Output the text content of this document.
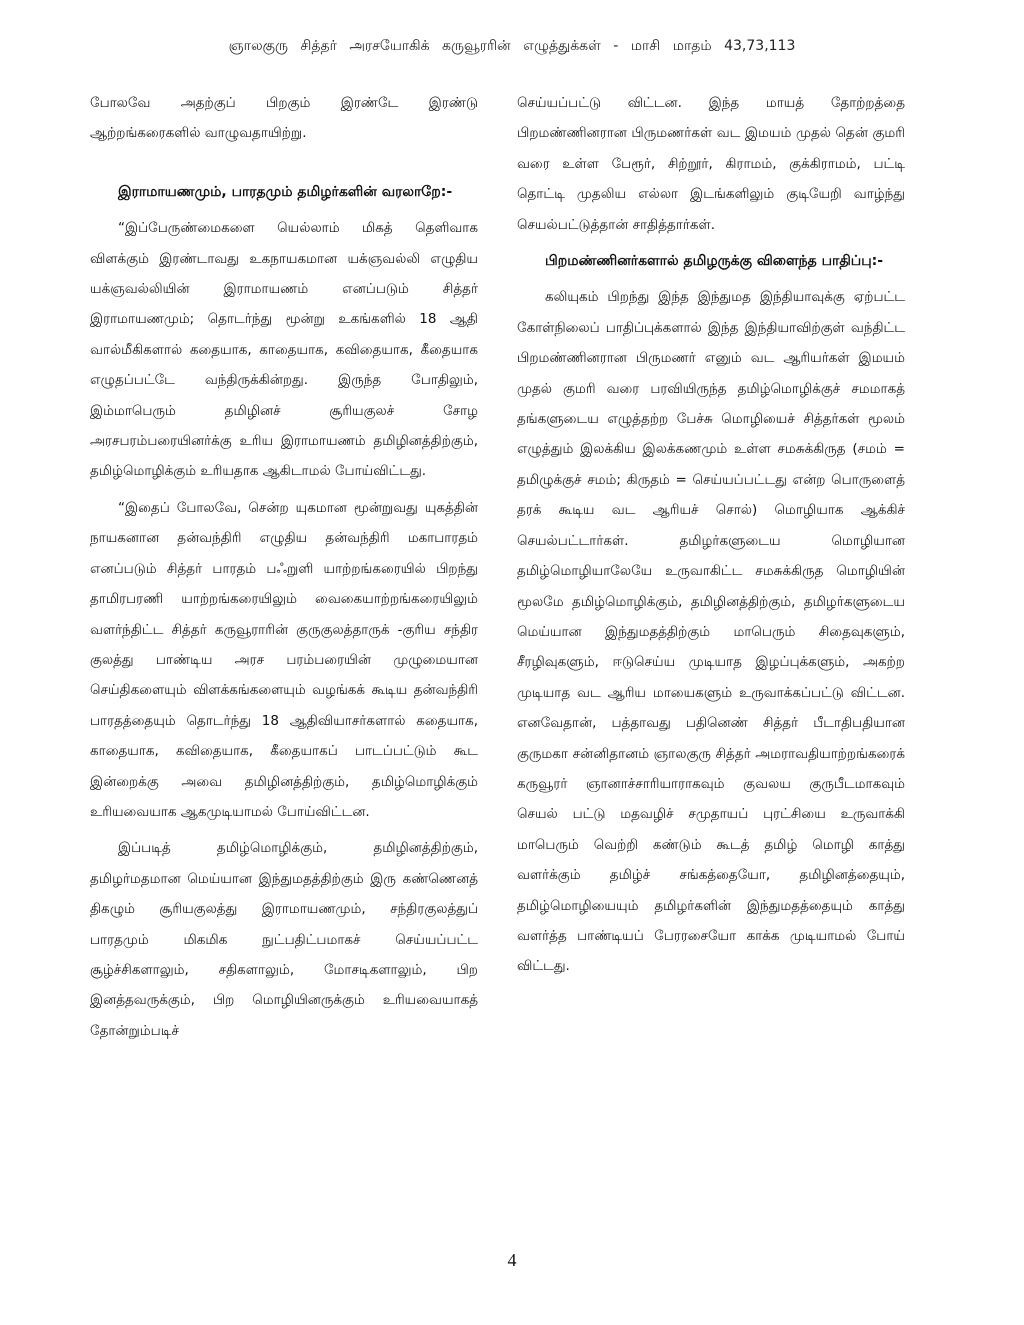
ஞாலகுரு சித்தர் அரசயோகிக் கருவூரரின் எழுத்துக்கள் - மாசி மாதம் 43,73,113

போலவே அதற்குப் பிறகும் இரண்டே இரண்டு ஆற்றங்கரைகளில் வாழுவதாயிற்று.

இராமாயணமும், பாரதமும் தமிழர்களின் வரலாறே:-

“இப்பேருண்மைகளை யெல்லாம் மிகத் தெளிவாக விளக்கும் இரண்டாவது உகநாயகமான யக்ஞவல்லி எழுதிய யக்ஞவல்லியின் இராமாயணம் எனப்படும் சித்தர் இராமாயணமும்; தொடர்ந்து மூன்று உகங்களில் 18 ஆதி வால்மீகிகளால் கதையாக, காதையாக, கவிதையாக, கீதையாக எழுதப்பட்டே வந்திருக்கின்றது. இருந்த போதிலும், இம்மாபெரும் தமிழினச் சூரியகுலச் சோழ அரசபரம்பரையினர்க்கு உரிய இராமாயணம் தமிழினத்திற்கும், தமிழ்மொழிக்கும் உரியதாக ஆகிடாமல் போய்விட்டது.

“இதைப் போலவே, சென்ற யுகமான மூன்றுவது யுகத்தின் நாயகனான தன்வந்திரி எழுதிய தன்வந்திரி மகாபாரதம் எனப்படும் சித்தர் பாரதம் பஃறுளி யாற்றங்கரையில் பிறந்து தாமிரபரணி யாற்றங்கரையிலும் வைகையாற்றங்கரையிலும் வளர்ந்திட்ட சித்தர் கருவூராரின் குருகுலத்தாருக் -குரிய சந்திர குலத்து பாண்டிய அரச பரம்பரையின் முழுமையான செய்திகளையும் விளக்கங்களையும் வழங்கக் கூடிய தன்வந்திரி பாரதத்தையும் தொடர்ந்து 18 ஆதிவியாசர்களால் கதையாக, காதையாக, கவிதையாக, கீதையாகப் பாடப்பட்டும் கூட இன்றைக்கு அவை தமிழினத்திற்கும், தமிழ்மொழிக்கும் உரியவையாக ஆகமுடியாமல் போய்விட்டன.

இப்படித் தமிழ்மொழிக்கும், தமிழினத்திற்கும், தமிழர்மதமான மெய்யான இந்துமதத்திற்கும் இரு கண்ணெனத் திகழும் சூரியகுலத்து இராமாயணமும், சந்திரகுலத்துப் பாரதமும் மிகமிக நுட்பதிட்பமாகச் செய்யப்பட்ட சூழ்ச்சிகளாலும், சதிகளாலும், மோசடிகளாலும், பிற இனத்தவருக்கும், பிற மொழியினருக்கும் உரியவையாகத் தோன்றும்படிச்

செய்யப்பட்டு விட்டன. இந்த மாயத் தோற்றத்தை பிறமண்ணினரான பிருமணர்கள் வட இமயம் முதல் தென் குமரி வரை உள்ள பேரூர், சிற்றூர், கிராமம், குக்கிராமம், பட்டி தொட்டி முதலிய எல்லா இடங்களிலும் குடியேறி வாழ்ந்து செயல்பட்டுத்தான் சாதித்தார்கள்.

பிறமண்ணினர்களால் தமிழருக்கு விளைந்த பாதிப்பு:-

கலியுகம் பிறந்து இந்த இந்துமத இந்தியாவுக்கு ஏற்பட்ட கோள்நிலைப் பாதிப்புக்களால் இந்த இந்தியாவிற்குள் வந்திட்ட பிறமண்ணினரான பிருமணர் எனும் வட ஆரியர்கள் இமயம் முதல் குமரி வரை பரவியிருந்த தமிழ்மொழிக்குச் சமமாகத் தங்களுடைய எழுத்தற்ற பேச்சு மொழியைச் சித்தர்கள் மூலம் எழுத்தும் இலக்கிய இலக்கணமும் உள்ள சமசுக்கிருத (சமம் = தமிழுக்குச் சமம்; கிருதம் = செய்யப்பட்டது என்ற பொருளைத் தரக் கூடிய வட ஆரியச் சொல்) மொழியாக ஆக்கிச் செயல்பட்டார்கள். தமிழர்களுடைய மொழியான தமிழ்மொழியாலேயே உருவாகிட்ட சமசுக்கிருத மொழியின் மூலமே தமிழ்மொழிக்கும், தமிழினத்திற்கும், தமிழர்களுடைய மெய்யான இந்துமதத்திற்கும் மாபெரும் சிதைவுகளும், சீரழிவுகளும், ஈடுசெய்ய முடியாத இழப்புக்களும், அகற்ற முடியாத வட ஆரிய மாயைகளும் உருவாக்கப்பட்டு விட்டன. எனவேதான், பத்தாவது பதினெண் சித்தர் பீடாதிபதியான குருமகா சன்னிதானம் ஞாலகுரு சித்தர் அமராவதியாற்றங்கரைக் கருவூரர் ஞானாச்சாரியாராகவும் குவலய குருபீடமாகவும் செயல் பட்டு மதவழிச் சமுதாயப் புரட்சியை உருவாக்கி மாபெரும் வெற்றி கண்டும் கூடத் தமிழ் மொழி காத்து வளர்க்கும் தமிழ்ச் சங்கத்தையோ, தமிழினத்தையும், தமிழ்மொழியையும் தமிழர்களின் இந்துமதத்தையும் காத்து வளர்த்த பாண்டியப் பேரரசையோ காக்க முடியாமல் போய் விட்டது.

4
